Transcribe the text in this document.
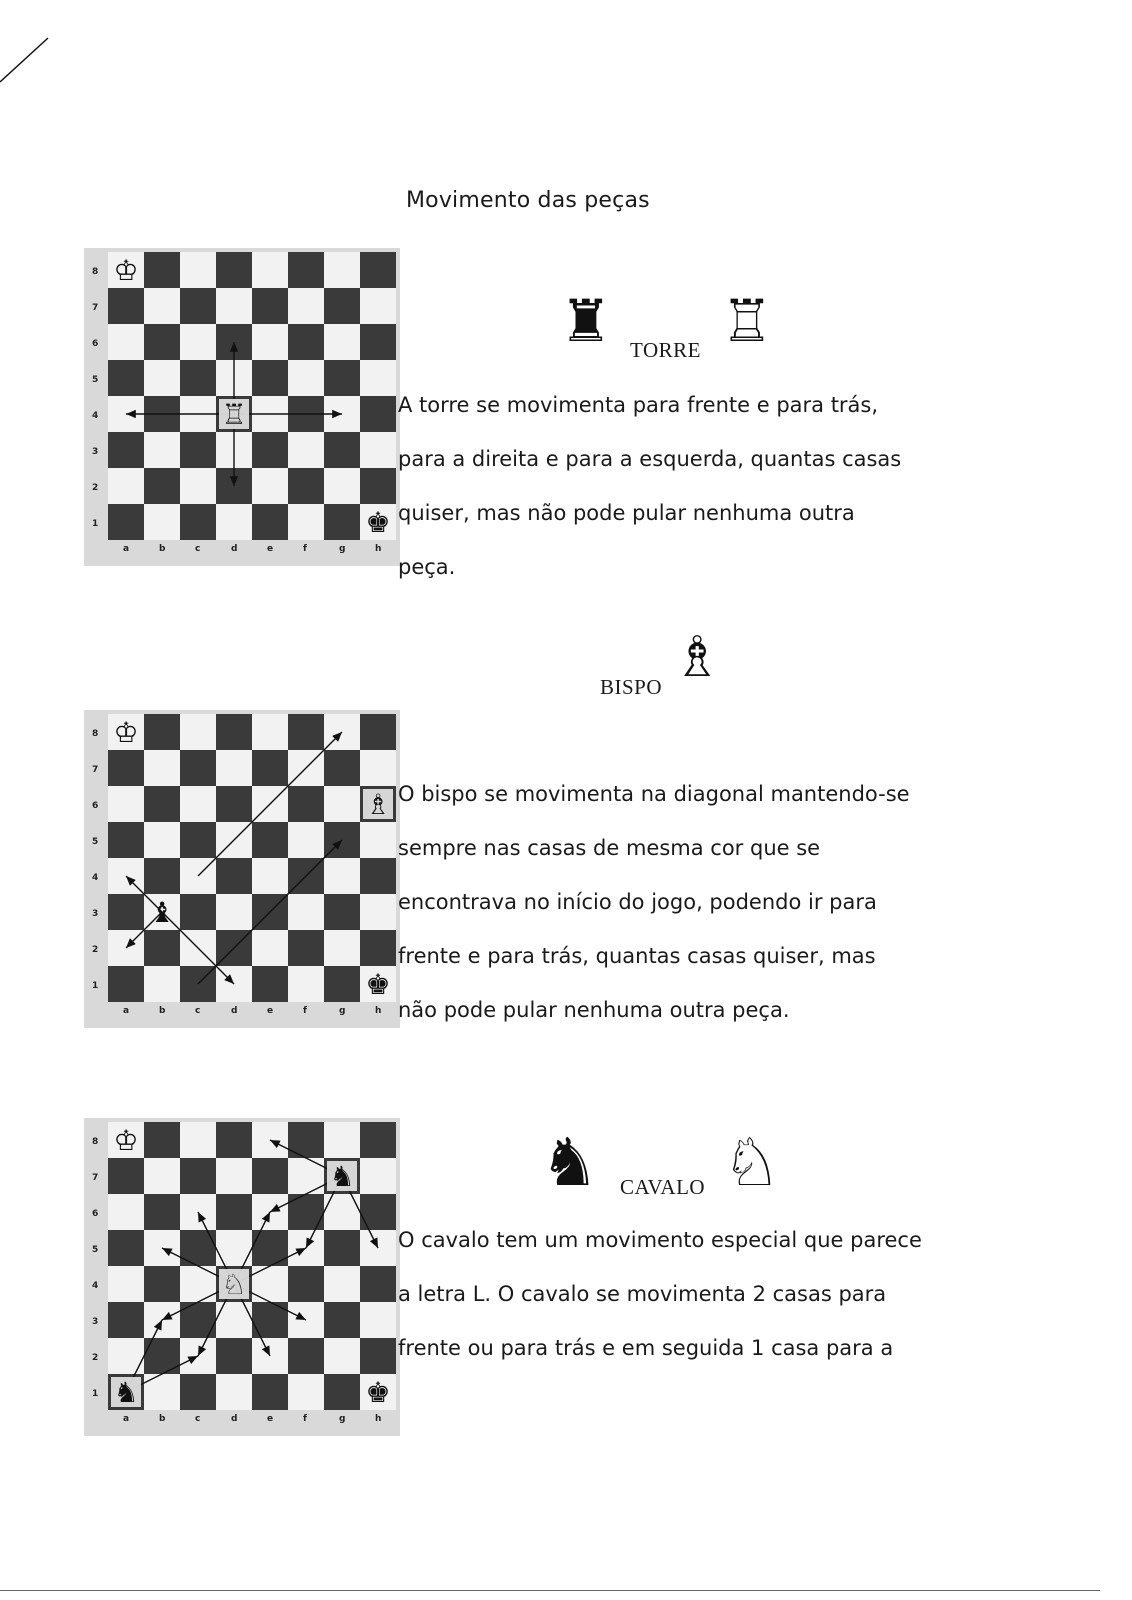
Movimento das peças
8
7
6
5
4
3
2
1
a	b	c	d	e	f	g	h
♔
♖
♚
♜ TORRE ♖
A torre se movimenta para frente e para trás,
para a direita e para a esquerda, quantas casas
quiser, mas não pode pular nenhuma outra
peça.
BISPO ♗
8
7
6
5
4
3
2
1
a	b	c	d	e	f	g	h
♔
♝
♗
♚
O bispo se movimenta na diagonal mantendo-se
sempre nas casas de mesma cor que se
encontrava no início do jogo, podendo ir para
frente e para trás, quantas casas quiser, mas
não pode pular nenhuma outra peça.
8
7
6
5
4
3
2
1
a	b	c	d	e	f	g	h
♔
♞
♘
♞	♚
♞ CAVALO ♘
O cavalo tem um movimento especial que parece
a letra L. O cavalo se movimenta 2 casas para
frente ou para trás e em seguida 1 casa para a
